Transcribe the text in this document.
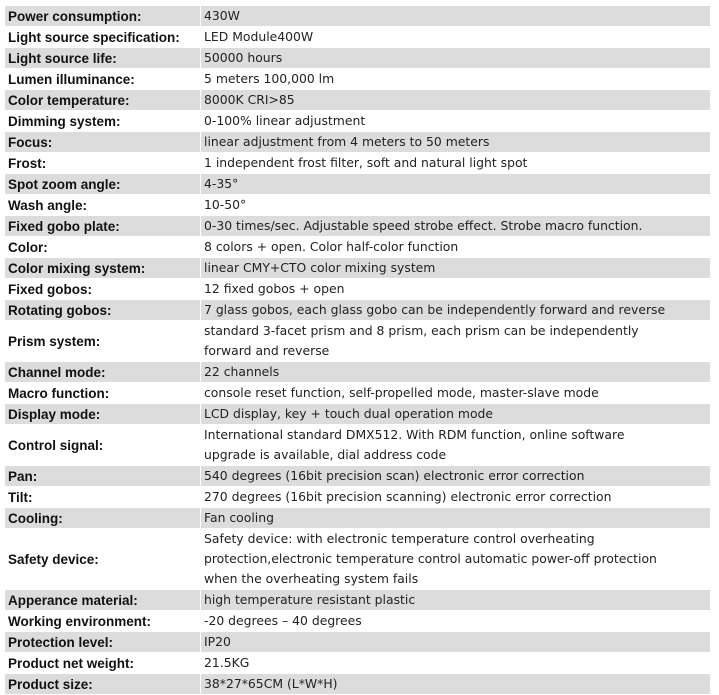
Power consumption:	430W

Light source specification:	LED Module400W

Light source life:	50000 hours

Lumen illuminance:	5 meters 100,000 lm

Color temperature:	8000K CRI>85

Dimming system:	0-100% linear adjustment

Focus:	linear adjustment from 4 meters to 50 meters

Frost:	1 independent frost filter, soft and natural light spot

Spot zoom angle:	4-35°

Wash angle:	10-50°

Fixed gobo plate:	0-30 times/sec. Adjustable speed strobe effect. Strobe macro function.

Color:	8 colors + open. Color half-color function

Color mixing system:	linear CMY+CTO color mixing system

Fixed gobos:	12 fixed gobos + open

Rotating gobos:	7 glass gobos, each glass gobo can be independently forward and reverse

Prism system:	standard 3-facet prism and 8 prism, each prism can be independently
forward and reverse

Channel mode:	22 channels

Macro function:	console reset function, self-propelled mode, master-slave mode

Display mode:	LCD display, key + touch dual operation mode

Control signal:	International standard DMX512. With RDM function, online software
upgrade is available, dial address code

Pan:	540 degrees (16bit precision scan) electronic error correction

Tilt:	270 degrees (16bit precision scanning) electronic error correction

Cooling:	Fan cooling

Safety device:	Safety device: with electronic temperature control overheating
protection,electronic temperature control automatic power-off protection
when the overheating system fails

Apperance material:	high temperature resistant plastic

Working environment:	-20 degrees – 40 degrees

Protection level:	IP20

Product net weight:	21.5KG

Product size:	38*27*65CM (L*W*H)
